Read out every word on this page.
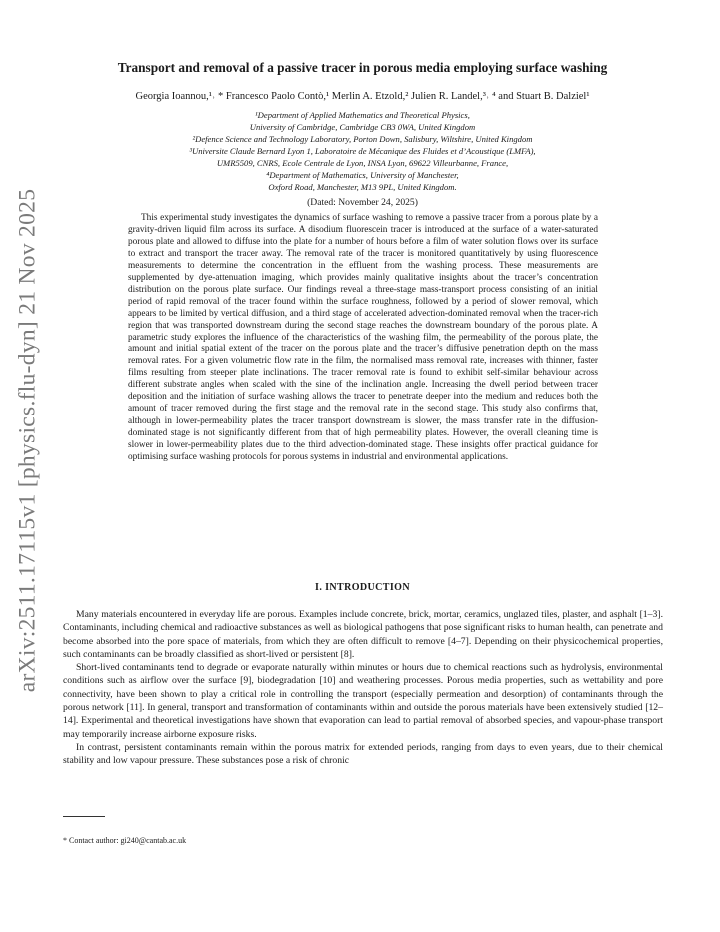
arXiv:2511.17115v1 [physics.flu-dyn] 21 Nov 2025
Transport and removal of a passive tracer in porous media employing surface washing
Georgia Ioannou,¹˒ * Francesco Paolo Contò,¹ Merlin A. Etzold,² Julien R. Landel,³˒ ⁴ and Stuart B. Dalziel¹
¹Department of Applied Mathematics and Theoretical Physics,
University of Cambridge, Cambridge CB3 0WA, United Kingdom
²Defence Science and Technology Laboratory, Porton Down, Salisbury, Wiltshire, United Kingdom
³Universite Claude Bernard Lyon 1, Laboratoire de Mécanique des Fluides et d’Acoustique (LMFA),
UMR5509, CNRS, Ecole Centrale de Lyon, INSA Lyon, 69622 Villeurbanne, France,
⁴Department of Mathematics, University of Manchester,
Oxford Road, Manchester, M13 9PL, United Kingdom.
(Dated: November 24, 2025)

This experimental study investigates the dynamics of surface washing to remove a passive tracer from a porous plate by a gravity-driven liquid film across its surface. A disodium fluorescein tracer is introduced at the surface of a water-saturated porous plate and allowed to diffuse into the plate for a number of hours before a film of water solution flows over its surface to extract and transport the tracer away. The removal rate of the tracer is monitored quantitatively by using fluorescence measurements to determine the concentration in the effluent from the washing process. These measurements are supplemented by dye-attenuation imaging, which provides mainly qualitative insights about the tracer’s concentration distribution on the porous plate surface. Our findings reveal a three-stage mass-transport process consisting of an initial period of rapid removal of the tracer found within the surface roughness, followed by a period of slower removal, which appears to be limited by vertical diffusion, and a third stage of accelerated advection-dominated removal when the tracer-rich region that was transported downstream during the second stage reaches the downstream boundary of the porous plate. A parametric study explores the influence of the characteristics of the washing film, the permeability of the porous plate, the amount and initial spatial extent of the tracer on the porous plate and the tracer’s diffusive penetration depth on the mass removal rates. For a given volumetric flow rate in the film, the normalised mass removal rate, increases with thinner, faster films resulting from steeper plate inclinations. The tracer removal rate is found to exhibit self-similar behaviour across different substrate angles when scaled with the sine of the inclination angle. Increasing the dwell period between tracer deposition and the initiation of surface washing allows the tracer to penetrate deeper into the medium and reduces both the amount of tracer removed during the first stage and the removal rate in the second stage. This study also confirms that, although in lower-permeability plates the tracer transport downstream is slower, the mass transfer rate in the diffusion-dominated stage is not significantly different from that of high permeability plates. However, the overall cleaning time is slower in lower-permeability plates due to the third advection-dominated stage. These insights offer practical guidance for optimising surface washing protocols for porous systems in industrial and environmental applications.

I. INTRODUCTION

Many materials encountered in everyday life are porous. Examples include concrete, brick, mortar, ceramics, unglazed tiles, plaster, and asphalt [1–3]. Contaminants, including chemical and radioactive substances as well as biological pathogens that pose significant risks to human health, can penetrate and become absorbed into the pore space of materials, from which they are often difficult to remove [4–7]. Depending on their physicochemical properties, such contaminants can be broadly classified as short-lived or persistent [8].

Short-lived contaminants tend to degrade or evaporate naturally within minutes or hours due to chemical reactions such as hydrolysis, environmental conditions such as airflow over the surface [9], biodegradation [10] and weathering processes. Porous media properties, such as wettability and pore connectivity, have been shown to play a critical role in controlling the transport (especially permeation and desorption) of contaminants through the porous network [11]. In general, transport and transformation of contaminants within and outside the porous materials have been extensively studied [12–14]. Experimental and theoretical investigations have shown that evaporation can lead to partial removal of absorbed species, and vapour-phase transport may temporarily increase airborne exposure risks.

In contrast, persistent contaminants remain within the porous matrix for extended periods, ranging from days to even years, due to their chemical stability and low vapour pressure. These substances pose a risk of chronic

* Contact author: gi240@cantab.ac.uk
